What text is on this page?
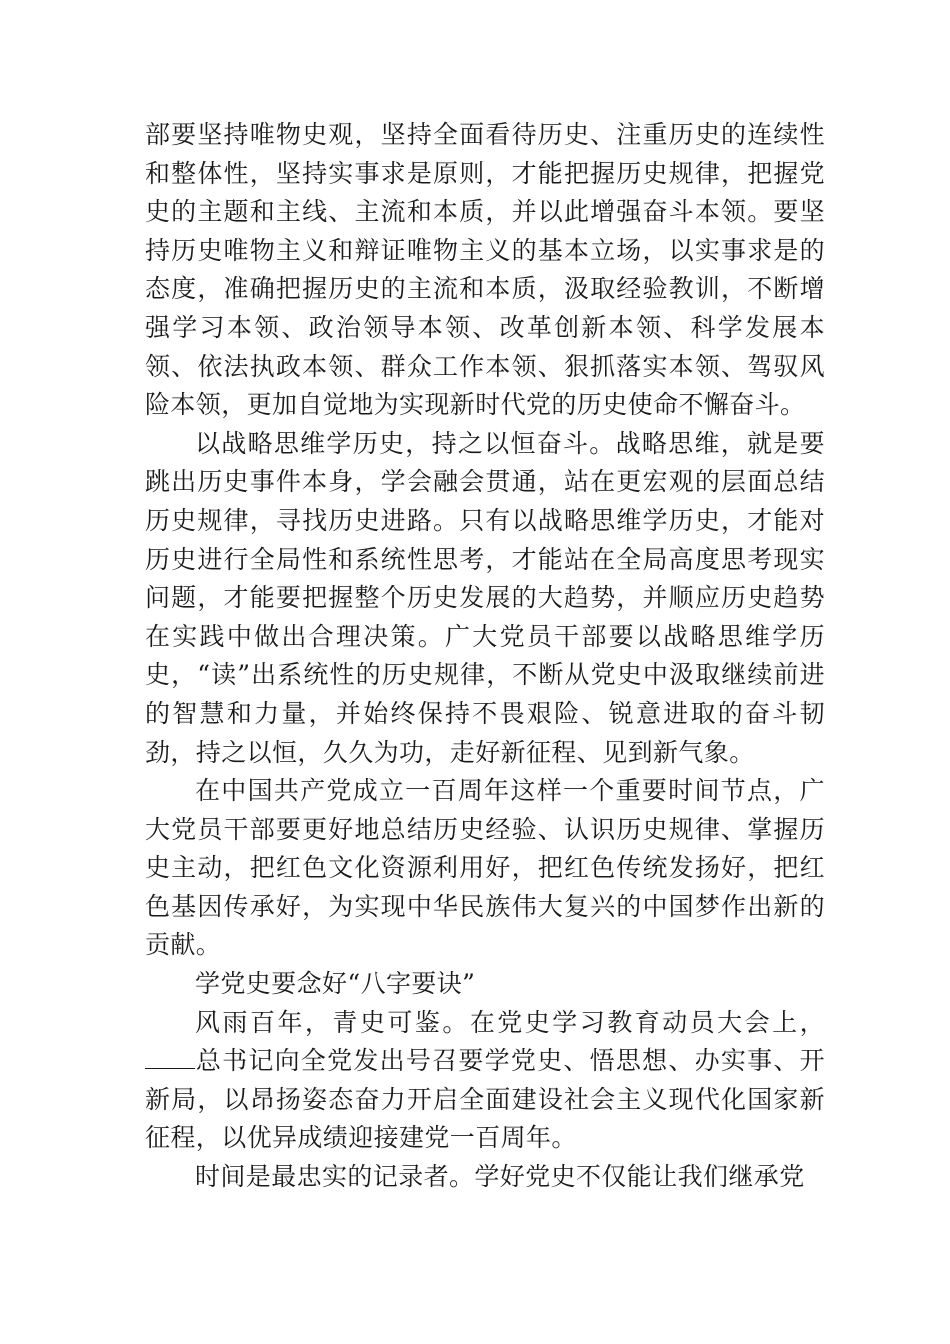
部要坚持唯物史观，坚持全面看待历史、注重历史的连续性和整体性，坚持实事求是原则，才能把握历史规律，把握党史的主题和主线、主流和本质，并以此增强奋斗本领。要坚持历史唯物主义和辩证唯物主义的基本立场，以实事求是的态度，准确把握历史的主流和本质，汲取经验教训，不断增强学习本领、政治领导本领、改革创新本领、科学发展本领、依法执政本领、群众工作本领、狠抓落实本领、驾驭风险本领，更加自觉地为实现新时代党的历史使命不懈奋斗。

以战略思维学历史，持之以恒奋斗。战略思维，就是要跳出历史事件本身，学会融会贯通，站在更宏观的层面总结历史规律，寻找历史进路。只有以战略思维学历史，才能对历史进行全局性和系统性思考，才能站在全局高度思考现实问题，才能要把握整个历史发展的大趋势，并顺应历史趋势在实践中做出合理决策。广大党员干部要以战略思维学历史，“读”出系统性的历史规律，不断从党史中汲取继续前进的智慧和力量，并始终保持不畏艰险、锐意进取的奋斗韧劲，持之以恒，久久为功，走好新征程、见到新气象。

在中国共产党成立一百周年这样一个重要时间节点，广大党员干部要更好地总结历史经验、认识历史规律、掌握历史主动，把红色文化资源利用好，把红色传统发扬好，把红色基因传承好，为实现中华民族伟大复兴的中国梦作出新的贡献。

学党史要念好“八字要诀”

风雨百年，青史可鉴。在党史学习教育动员大会上，总书记向全党发出号召要学党史、悟思想、办实事、开新局，以昂扬姿态奋力开启全面建设社会主义现代化国家新征程，以优异成绩迎接建党一百周年。

时间是最忠实的记录者。学好党史不仅能让我们继承党
